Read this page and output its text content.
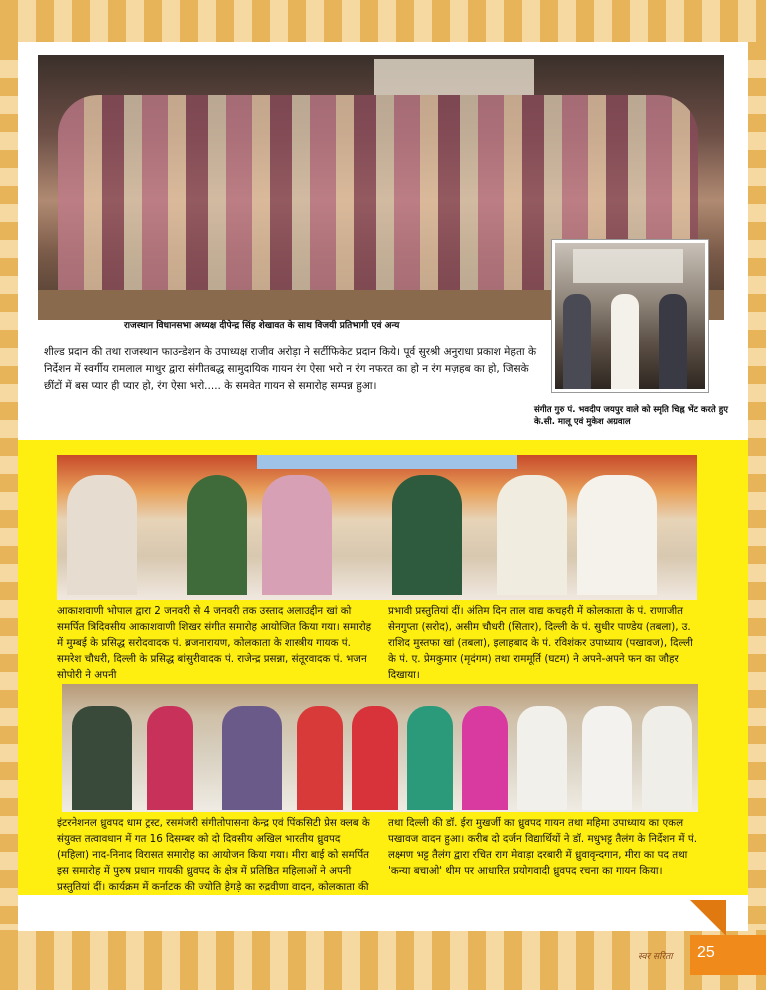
राजस्थान विधानसभा अध्यक्ष दीपेन्द्र सिंह शेखावत के साथ विजयी प्रतिभागी एवं अन्य
शील्ड प्रदान की तथा राजस्थान फाउन्डेशन के उपाध्यक्ष राजीव अरोड़ा ने सर्टीफिकेट प्रदान किये। पूर्व सुरश्री अनुराधा प्रकाश मेहता के निर्देशन में स्वर्गीय रामलाल माथुर द्वारा संगीतबद्ध सामुदायिक गायन रंग ऐसा भरो न रंग नफरत का हो न रंग मज़हब का हो, जिसके छींटों में बस प्यार ही प्यार हो, रंग ऐसा भरो..... के समवेत गायन से समारोह सम्पन्न हुआ।
संगीत गुरु पं. भवदीप जयपुर वाले को स्मृति चिह्न भेंट करते हुए के.सी. मालू एवं मुकेश अग्रवाल
आकाशवाणी भोपाल द्वारा 2 जनवरी से 4 जनवरी तक उस्ताद अलाउद्दीन खां को समर्पित त्रिदिवसीय आकाशवाणी शिखर संगीत समारोह आयोजित किया गया। समारोह में मुम्बई के प्रसिद्ध सरोदवादक पं. ब्रजनारायण, कोलकाता के शास्त्रीय गायक पं. समरेश चौधरी, दिल्ली के प्रसिद्ध बांसुरीवादक पं. राजेन्द्र प्रसन्ना, संतूरवादक पं. भजन सोपोरी ने अपनी
प्रभावी प्रस्तुतियां दीं। अंतिम दिन ताल वाद्य कचहरी में कोलकाता के पं. राणाजीत सेनगुप्ता (सरोद), असीम चौधरी (सितार), दिल्ली के पं. सुधीर पाण्डेय (तबला), उ. राशिद मुस्तफा खां (तबला), इलाहबाद के पं. रविशंकर उपाध्याय (पखावज), दिल्ली के पं. ए. प्रेमकुमार (मृदंगम) तथा राममूर्ति (घटम) ने अपने-अपने फन का जौहर दिखाया।
इंटरनेशनल ध्रुवपद धाम ट्रस्ट, रसमंजरी संगीतोपासना केन्द्र एवं पिंकसिटी प्रेस क्लब के संयुक्त तत्वावधान में गत 16 दिसम्बर को दो दिवसीय अखिल भारतीय ध्रुवपद (महिला) नाद-निनाद विरासत समारोह का आयोजन किया गया। मीरा बाई को समर्पित इस समारोह में पुरुष प्रधान गायकी ध्रुवपद के क्षेत्र में प्रतिष्ठित महिलाओं ने अपनी प्रस्तुतियां दीं। कार्यक्रम में कर्नाटक की ज्योति हेगड़े का रुद्रवीणा वादन, कोलकाता की
तथा दिल्ली की डॉ. ईरा मुखर्जी का ध्रुवपद गायन तथा महिमा उपाध्याय का एकल पखावज वादन हुआ। करीब दो दर्जन विद्यार्थियों ने डॉ. मधुभट्ट तैलंग के निर्देशन में पं. लक्ष्मण भट्ट तैलंग द्वारा रचित राग मेवाड़ा दरबारी में ध्रुवावृन्दगान, मीरा का पद तथा 'कन्या बचाओ' थीम पर आधारित प्रयोगवादी ध्रुवपद रचना का गायन किया।
स्वर सरिता 25
